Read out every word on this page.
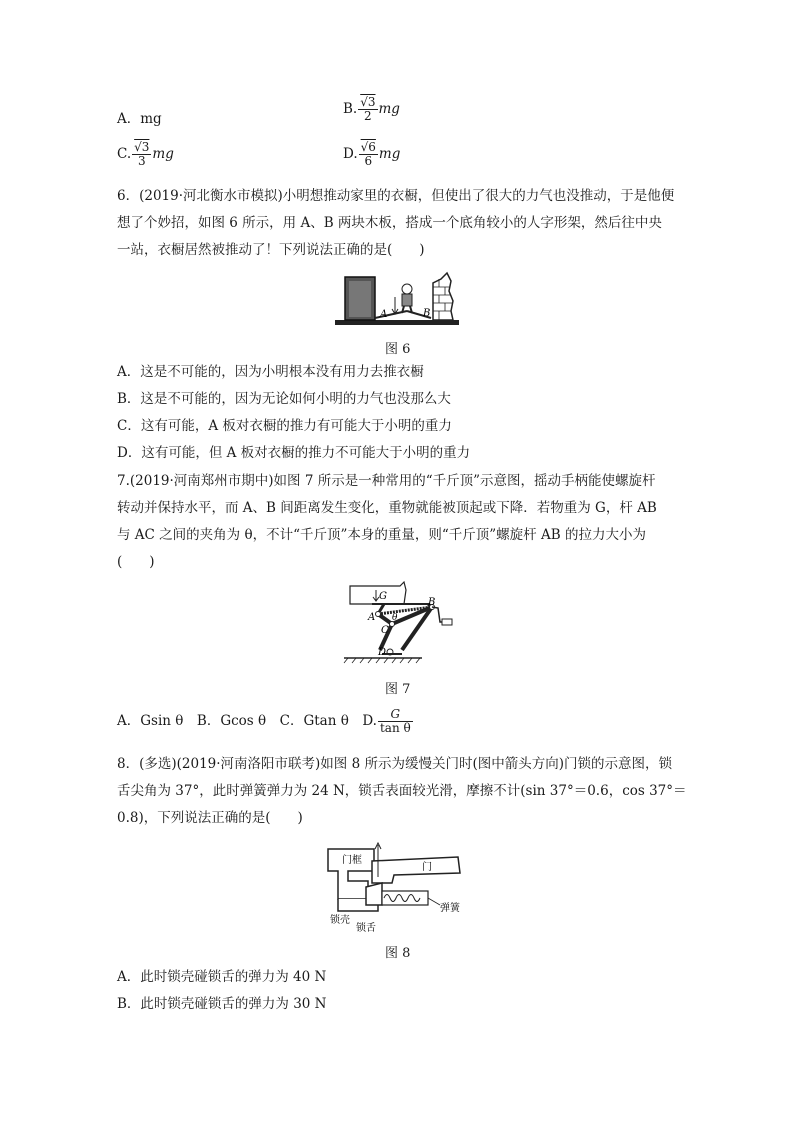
A．mg
B. $\frac{√3}{2}$ mg
C. $\frac{√3}{3}$ mg	D. $\frac{√6}{6}$ mg
6．(2019·河北衡水市模拟)小明想推动家里的衣橱，但使出了很大的力气也没推动，于是他便
想了个妙招，如图 6 所示，用 A、B 两块木板，搭成一个底角较小的人字形架，然后往中央
一站，衣橱居然被推动了！下列说法正确的是(　　)
A	B
图 6
A．这是不可能的，因为小明根本没有用力去推衣橱
B．这是不可能的，因为无论如何小明的力气也没那么大
C．这有可能，A 板对衣橱的推力有可能大于小明的重力
D．这有可能，但 A 板对衣橱的推力不可能大于小明的重力
7.(2019·河南郑州市期中)如图 7 所示是一种常用的“千斤顶”示意图，摇动手柄能使螺旋杆
转动并保持水平，而 A、B 间距离发生变化，重物就能被顶起或下降．若物重为 G，杆 AB
与 AC 之间的夹角为 θ，不计“千斤顶”本身的重量，则“千斤顶”螺旋杆 AB 的拉力大小为
(　　)
G
A
B
C
θ
D
图 7
A．Gsin θ　B．Gcos θ　C．Gtan θ　D. $\frac{G}{\text{tan θ}}$
8．(多选)(2019·河南洛阳市联考)如图 8 所示为缓慢关门时(图中箭头方向)门锁的示意图，锁
舌尖角为 37°，此时弹簧弹力为 24 N，锁舌表面较光滑，摩擦不计(sin 37°＝0.6，cos 37°＝
0.8)，下列说法正确的是(　　)
门框
门
弹簧
锁壳
锁舌
图 8
A．此时锁壳碰锁舌的弹力为 40 N
B．此时锁壳碰锁舌的弹力为 30 N
